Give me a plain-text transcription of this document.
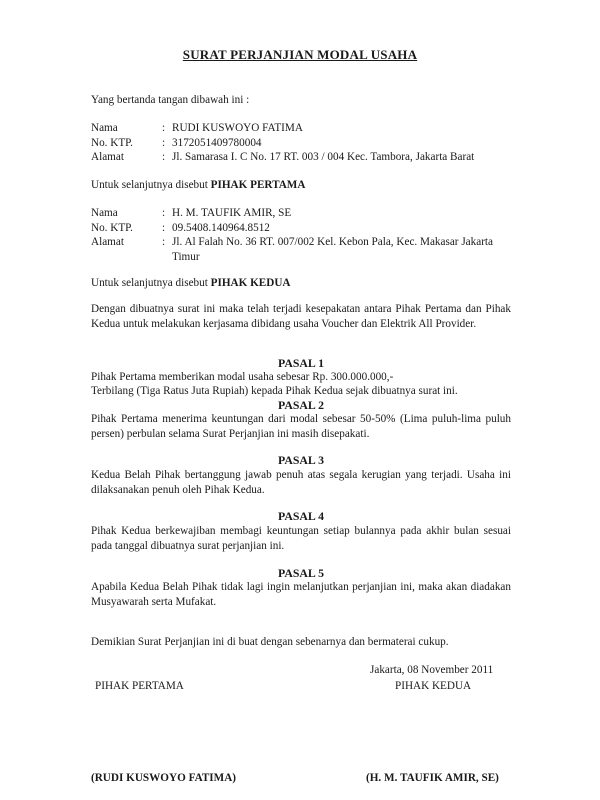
SURAT PERJANJIAN MODAL USAHA
Yang bertanda tangan dibawah ini :
Nama	: RUDI KUSWOYO FATIMA
No. KTP.	: 3172051409780004
Alamat	: Jl. Samarasa I. C No. 17 RT. 003 / 004 Kec. Tambora, Jakarta Barat
Untuk selanjutnya disebut PIHAK PERTAMA
Nama	: H. M. TAUFIK AMIR, SE
No. KTP.	: 09.5408.140964.8512
Alamat	: Jl. Al Falah No. 36 RT. 007/002 Kel. Kebon Pala, Kec. Makasar Jakarta Timur
Untuk selanjutnya disebut PIHAK KEDUA
Dengan dibuatnya surat ini maka telah terjadi kesepakatan antara Pihak Pertama dan Pihak Kedua untuk melakukan kerjasama dibidang usaha Voucher dan Elektrik All Provider.
PASAL 1
Pihak Pertama memberikan modal usaha sebesar Rp. 300.000.000,-
Terbilang (Tiga Ratus Juta Rupiah) kepada Pihak Kedua sejak dibuatnya surat ini.
PASAL 2
Pihak Pertama menerima keuntungan dari modal sebesar 50-50% (Lima puluh-lima puluh persen) perbulan selama Surat Perjanjian ini masih disepakati.
PASAL 3
Kedua Belah Pihak bertanggung jawab penuh atas segala kerugian yang terjadi. Usaha ini dilaksanakan penuh oleh Pihak Kedua.
PASAL 4
Pihak Kedua berkewajiban membagi keuntungan setiap bulannya pada akhir bulan sesuai pada tanggal dibuatnya surat perjanjian ini.
PASAL 5
Apabila Kedua Belah Pihak tidak lagi ingin melanjutkan perjanjian ini, maka akan diadakan Musyawarah serta Mufakat.
Demikian Surat Perjanjian ini di buat dengan sebenarnya dan bermaterai cukup.
Jakarta, 08 November 2011
PIHAK PERTAMA	PIHAK KEDUA
(RUDI KUSWOYO FATIMA)	(H. M. TAUFIK AMIR, SE)
